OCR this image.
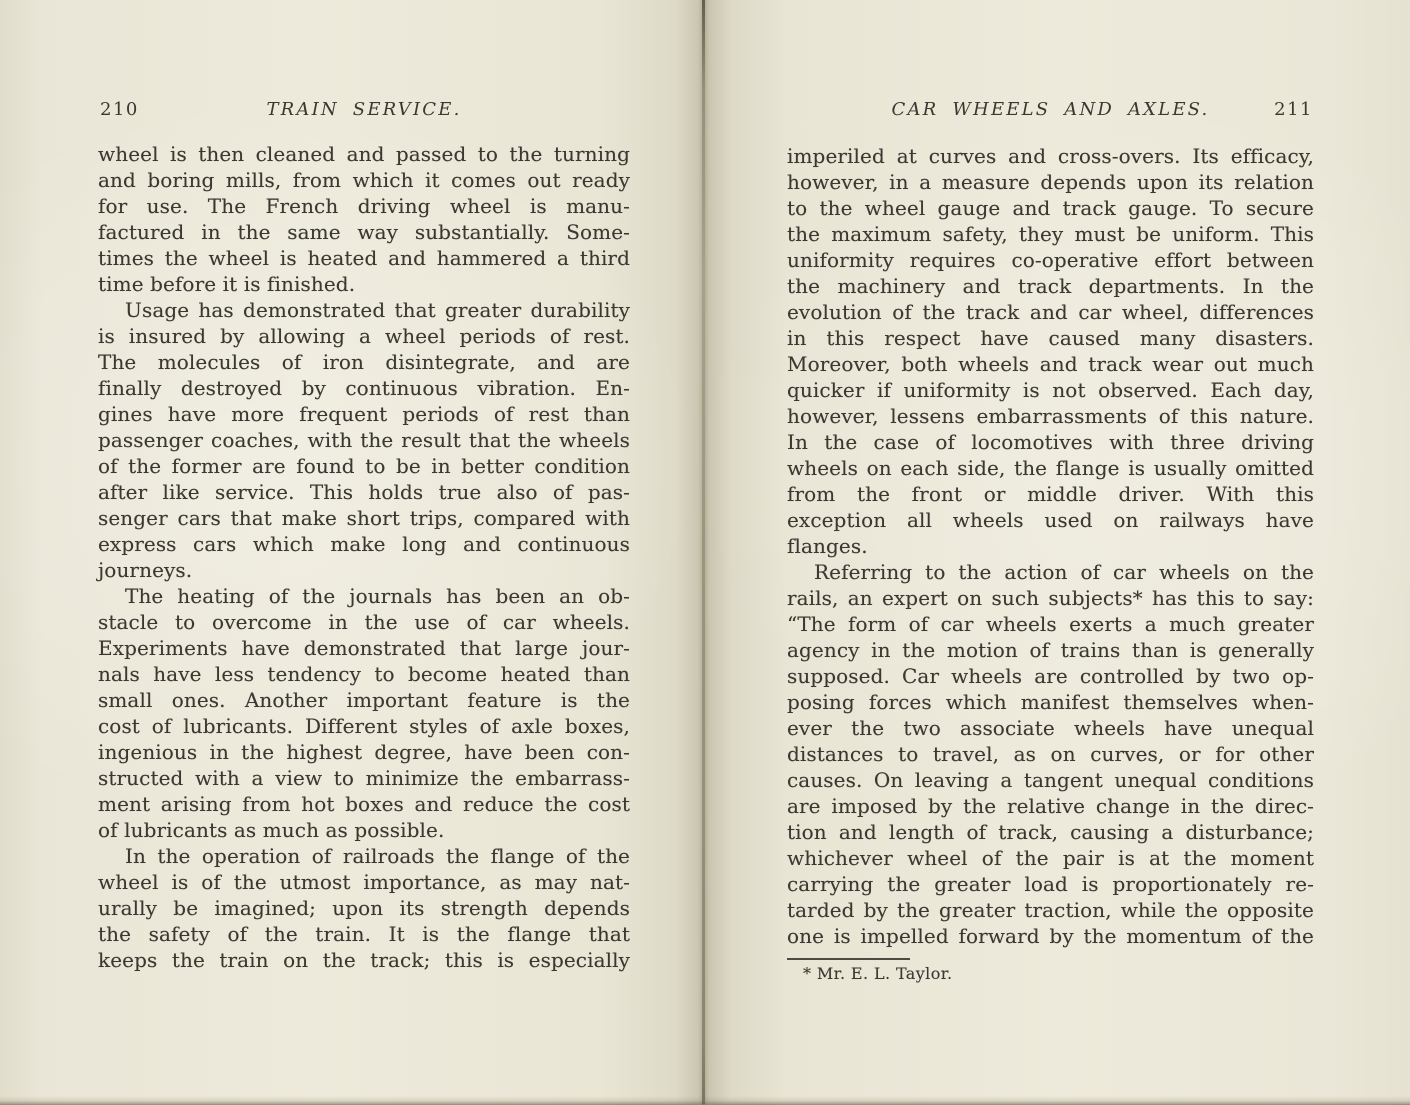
210	TRAIN SERVICE.
wheel is then cleaned and passed to the turning
and boring mills, from which it comes out ready
for use. The French driving wheel is manu-
factured in the same way substantially. Some-
times the wheel is heated and hammered a third
time before it is finished.
Usage has demonstrated that greater durability
is insured by allowing a wheel periods of rest.
The molecules of iron disintegrate, and are
finally destroyed by continuous vibration. En-
gines have more frequent periods of rest than
passenger coaches, with the result that the wheels
of the former are found to be in better condition
after like service. This holds true also of pas-
senger cars that make short trips, compared with
express cars which make long and continuous
journeys.
The heating of the journals has been an ob-
stacle to overcome in the use of car wheels.
Experiments have demonstrated that large jour-
nals have less tendency to become heated than
small ones. Another important feature is the
cost of lubricants. Different styles of axle boxes,
ingenious in the highest degree, have been con-
structed with a view to minimize the embarrass-
ment arising from hot boxes and reduce the cost
of lubricants as much as possible.
In the operation of railroads the flange of the
wheel is of the utmost importance, as may nat-
urally be imagined; upon its strength depends
the safety of the train. It is the flange that
keeps the train on the track; this is especially
CAR WHEELS AND AXLES.	211
imperiled at curves and cross-overs. Its efficacy,
however, in a measure depends upon its relation
to the wheel gauge and track gauge. To secure
the maximum safety, they must be uniform. This
uniformity requires co-operative effort between
the machinery and track departments. In the
evolution of the track and car wheel, differences
in this respect have caused many disasters.
Moreover, both wheels and track wear out much
quicker if uniformity is not observed. Each day,
however, lessens embarrassments of this nature.
In the case of locomotives with three driving
wheels on each side, the flange is usually omitted
from the front or middle driver. With this
exception all wheels used on railways have
flanges.
Referring to the action of car wheels on the
rails, an expert on such subjects* has this to say:
“The form of car wheels exerts a much greater
agency in the motion of trains than is generally
supposed. Car wheels are controlled by two op-
posing forces which manifest themselves when-
ever the two associate wheels have unequal
distances to travel, as on curves, or for other
causes. On leaving a tangent unequal conditions
are imposed by the relative change in the direc-
tion and length of track, causing a disturbance;
whichever wheel of the pair is at the moment
carrying the greater load is proportionately re-
tarded by the greater traction, while the opposite
one is impelled forward by the momentum of the
* Mr. E. L. Taylor.
